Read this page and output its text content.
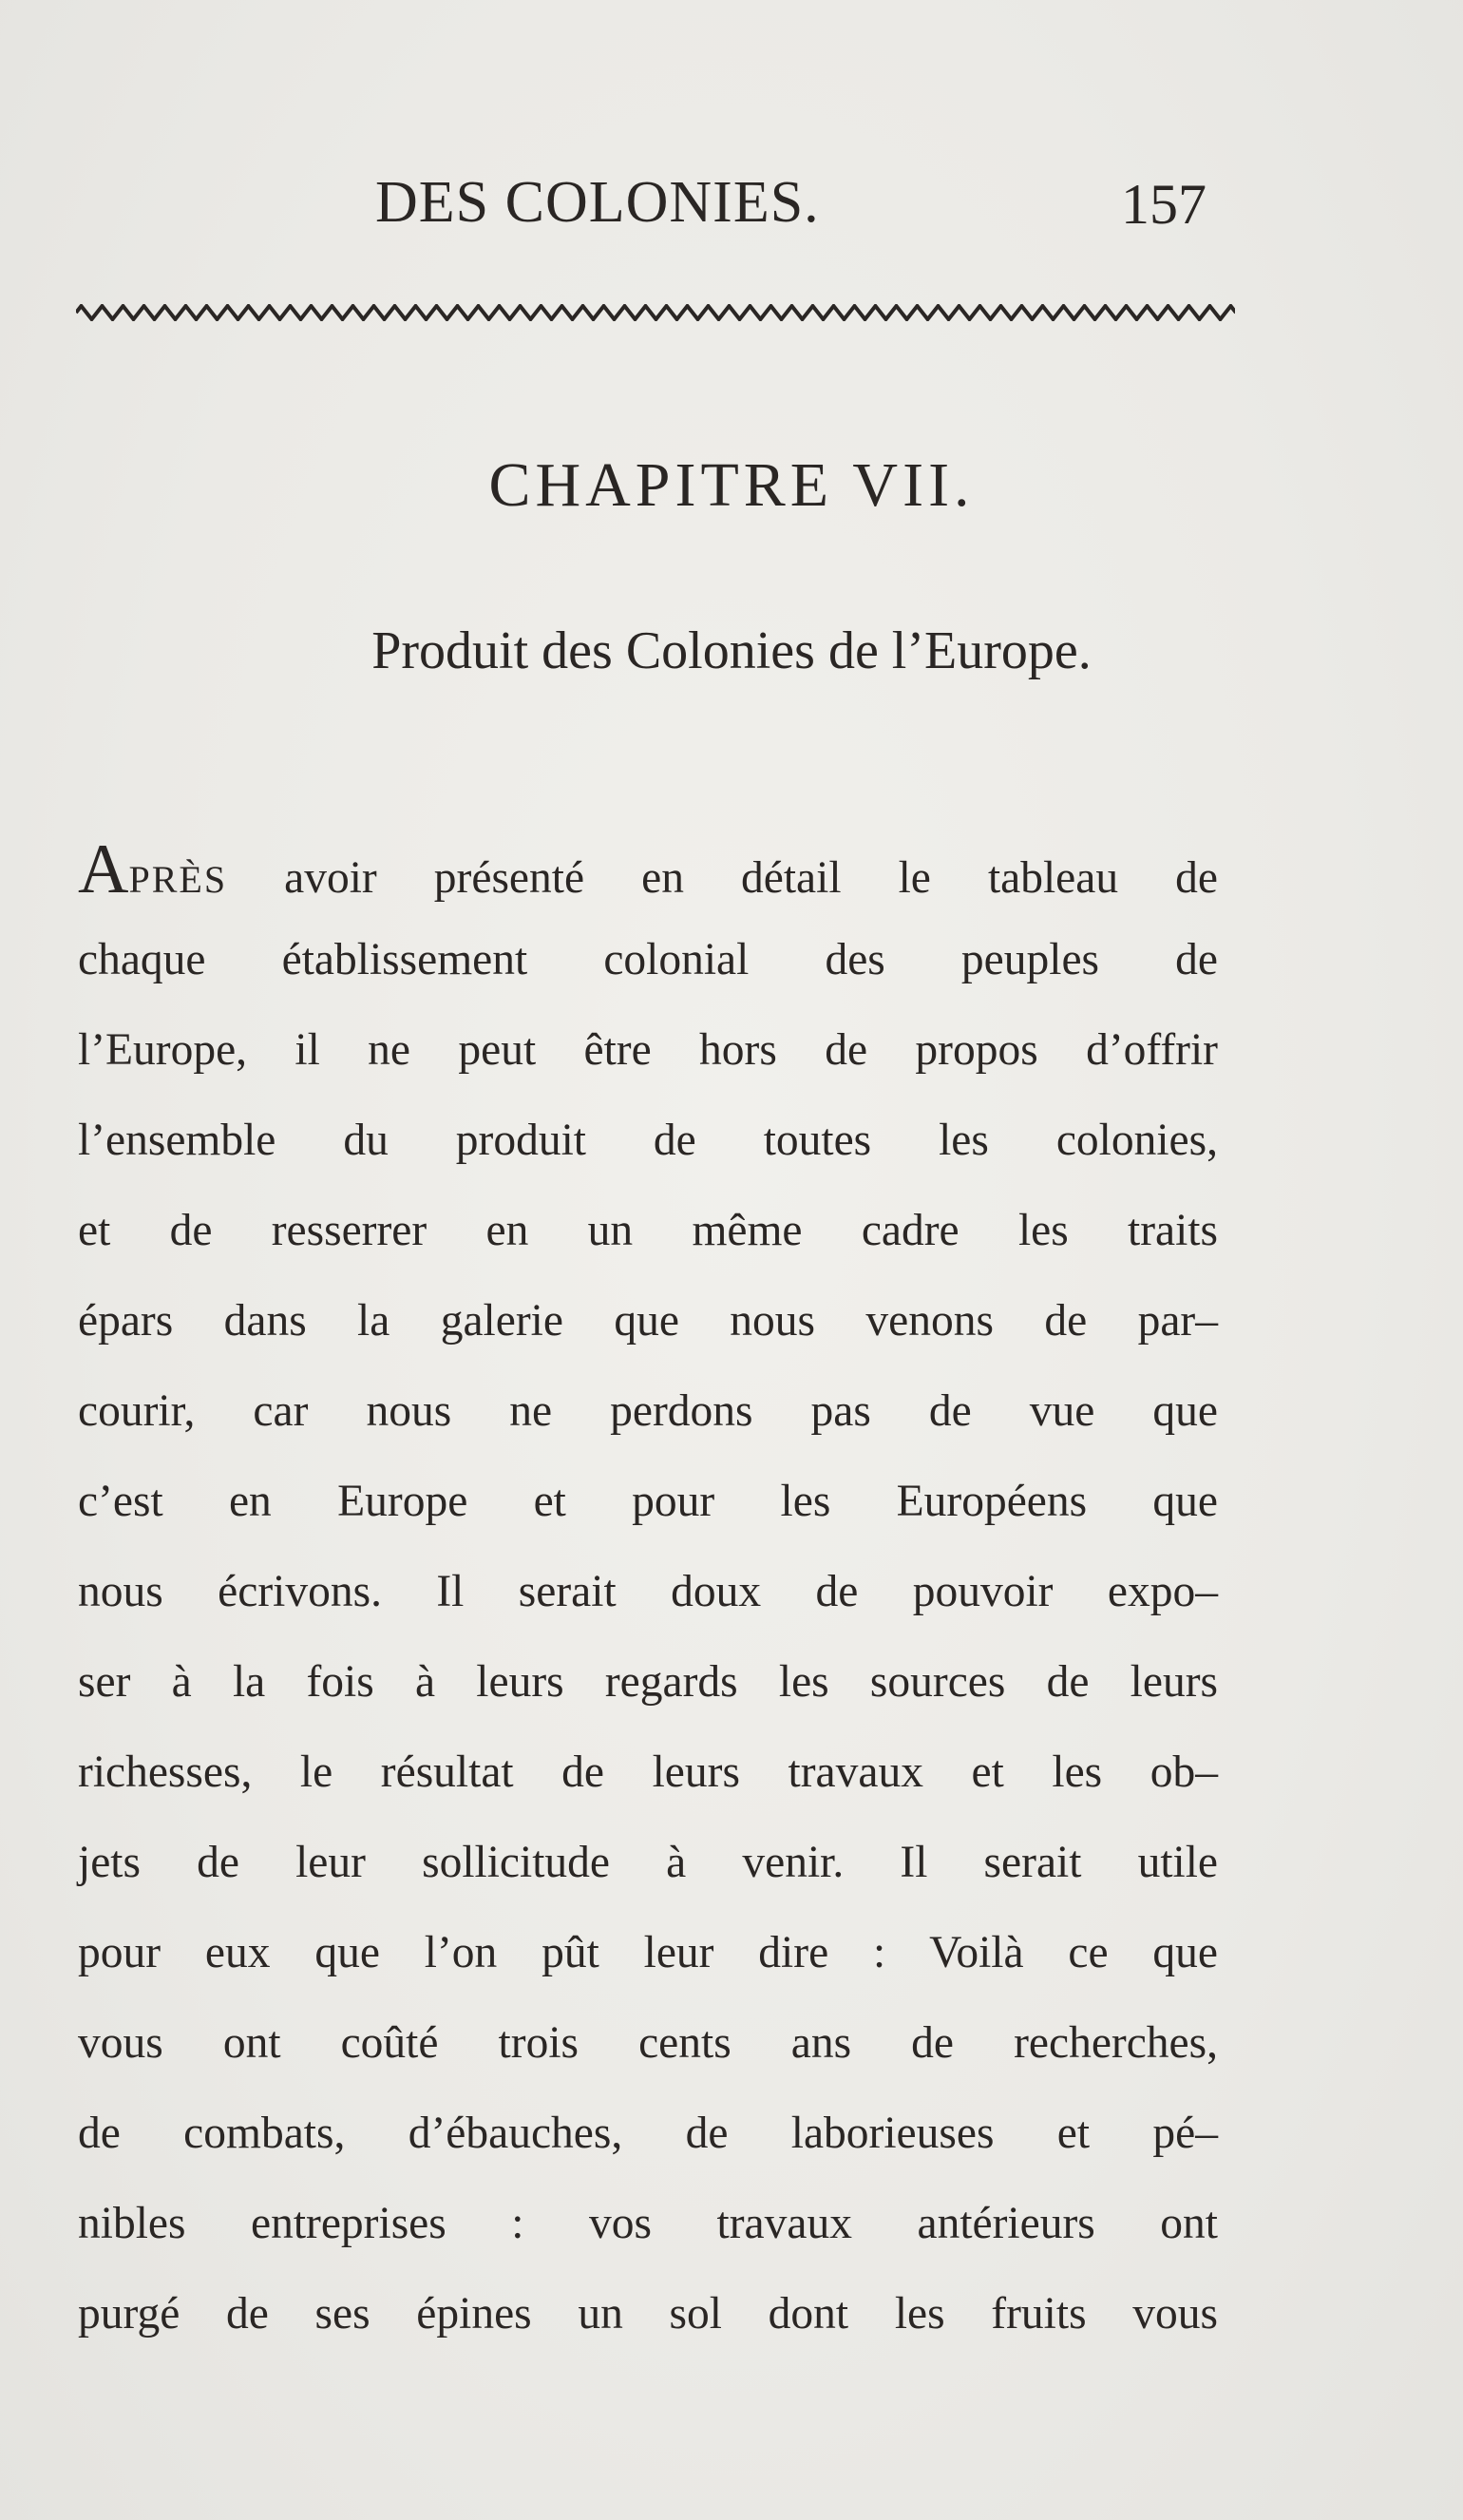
DES COLONIES.	157
CHAPITRE VII.
Produit des Colonies de l’Europe.
APRÈS avoir présenté en détail le tableau de
chaque établissement colonial des peuples de
l’Europe, il ne peut être hors de propos d’offrir
l’ensemble du produit de toutes les colonies,
et de resserrer en un même cadre les traits
épars dans la galerie que nous venons de par–
courir, car nous ne perdons pas de vue que
c’est en Europe et pour les Européens que
nous écrivons. Il serait doux de pouvoir expo–
ser à la fois à leurs regards les sources de leurs
richesses, le résultat de leurs travaux et les ob–
jets de leur sollicitude à venir. Il serait utile
pour eux que l’on pût leur dire : Voilà ce que
vous ont coûté trois cents ans de recherches,
de combats, d’ébauches, de laborieuses et pé–
nibles entreprises : vos travaux antérieurs ont
purgé de ses épines un sol dont les fruits vous
